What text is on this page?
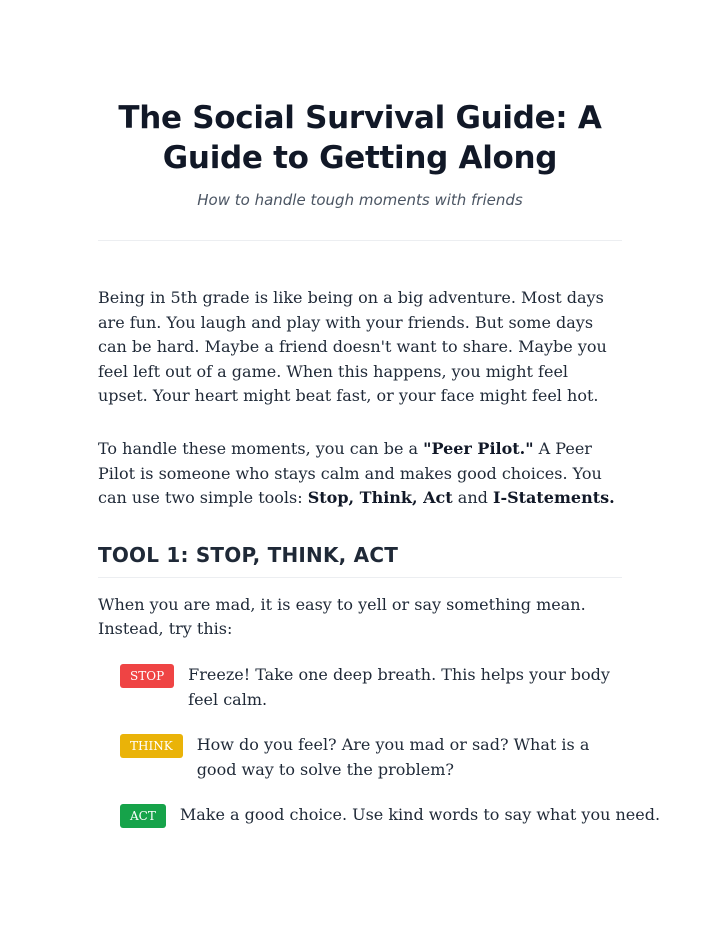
The Social Survival Guide: A Guide to Getting Along

How to handle tough moments with friends

Being in 5th grade is like being on a big adventure. Most days are fun. You laugh and play with your friends. But some days can be hard. Maybe a friend doesn't want to share. Maybe you feel left out of a game. When this happens, you might feel upset. Your heart might beat fast, or your face might feel hot.

To handle these moments, you can be a "Peer Pilot." A Peer Pilot is someone who stays calm and makes good choices. You can use two simple tools: Stop, Think, Act and I-Statements.

TOOL 1: STOP, THINK, ACT

When you are mad, it is easy to yell or say something mean. Instead, try this:

STOP	Freeze! Take one deep breath. This helps your body feel calm.
THINK	How do you feel? Are you mad or sad? What is a good way to solve the problem?
ACT	Make a good choice. Use kind words to say what you need.
